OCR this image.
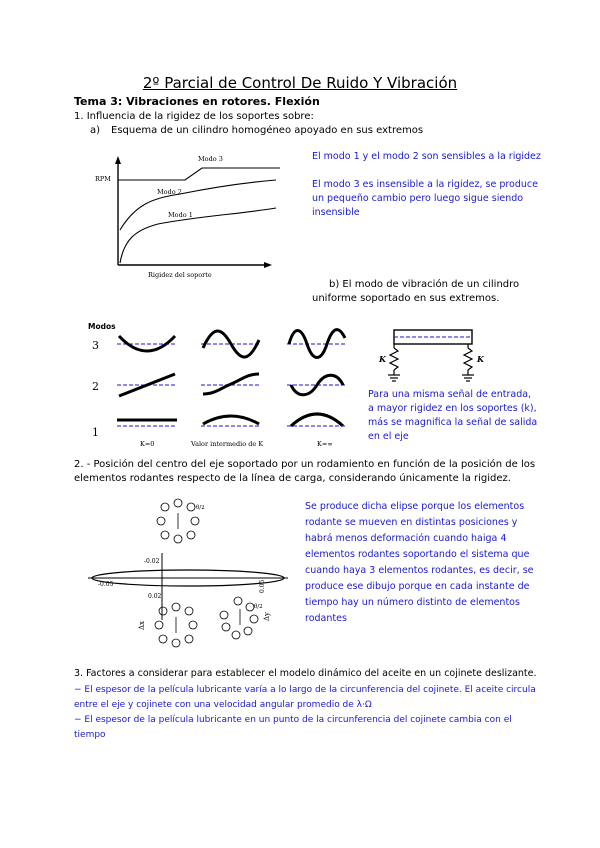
2º Parcial de Control De Ruido Y Vibración
Tema 3: Vibraciones en rotores. Flexión
1. Influencia de la rigidez de los soportes sobre:
a) Esquema de un cilindro homogéneo apoyado en sus extremos
RPM
Rigidez del soporte
Modo 3
Modo 2
Modo 1
El modo 1 y el modo 2 son sensibles a la rigidez
El modo 3 es insensible a la rigidez, se produce
un pequeño cambio pero luego sigue siendo
insensible
b) El modo de vibración de un cilindro
uniforme soportado en sus extremos.
Modos
3
2
1
K=0	Valor intermedio de K	K=∞
K	K
Para una misma señal de entrada,
a mayor rigidez en los soportes (k),
más se magnifica la señal de salida
en el eje
2. - Posición del centro del eje soportado por un rodamiento en función de la posición de los
elementos rodantes respecto de la línea de carga, considerando únicamente la rigidez.
-0.02
0.02
-0.05	0.05
Δx
Δy
θ/2
θ/2
Se produce dicha elipse porque los elementos
rodante se mueven en distintas posiciones y
habrá menos deformación cuando haiga 4
elementos rodantes soportando el sistema que
cuando haya 3 elementos rodantes, es decir, se
produce ese dibujo porque en cada instante de
tiempo hay un número distinto de elementos
rodantes
3. Factores a considerar para establecer el modelo dinámico del aceite en un cojinete deslizante.
− El espesor de la película lubricante varía a lo largo de la circunferencia del cojinete. El aceite circula
entre el eje y cojinete con una velocidad angular promedio de λ·Ω
− El espesor de la película lubricante en un punto de la circunferencia del cojinete cambia con el
tiempo
